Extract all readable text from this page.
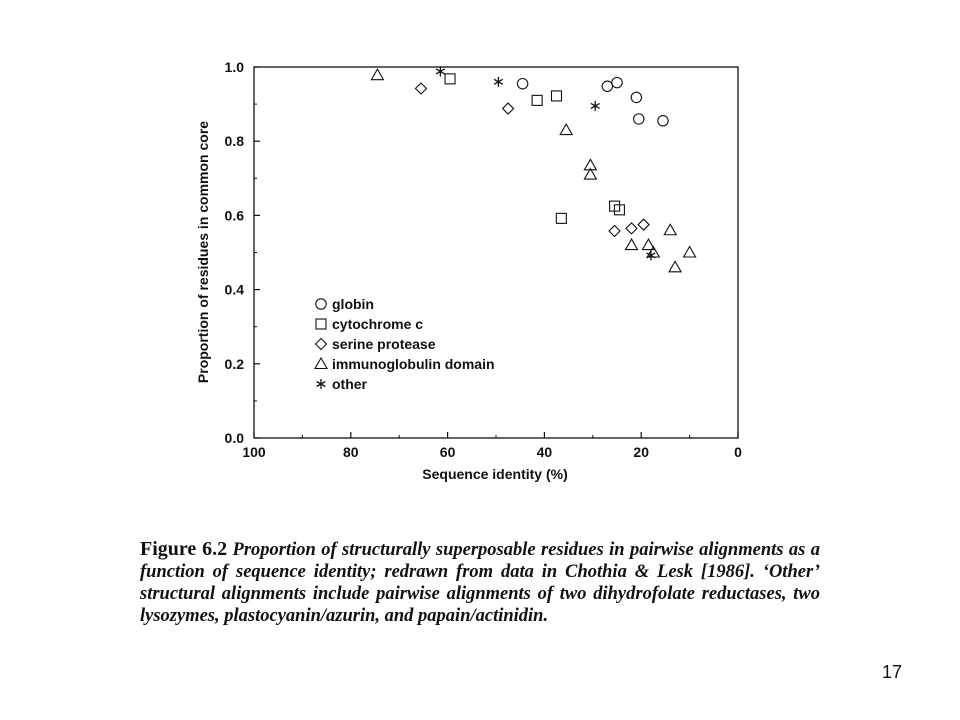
100	80	60	40	20	0
1.0
0.8
0.6
0.4
0.2
0.0
Sequence identity (%)
Proportion of residues in common core	globin
cytochrome c
serine protease
immunoglobulin domain
other
Figure 6.2 Proportion of structurally superposable residues in pairwise alignments as a function of sequence identity; redrawn from data in Chothia & Lesk [1986]. ‘Other’ structural alignments include pairwise alignments of two dihydrofolate reductases, two lysozymes, plastocyanin/azurin, and papain/actinidin.
17
